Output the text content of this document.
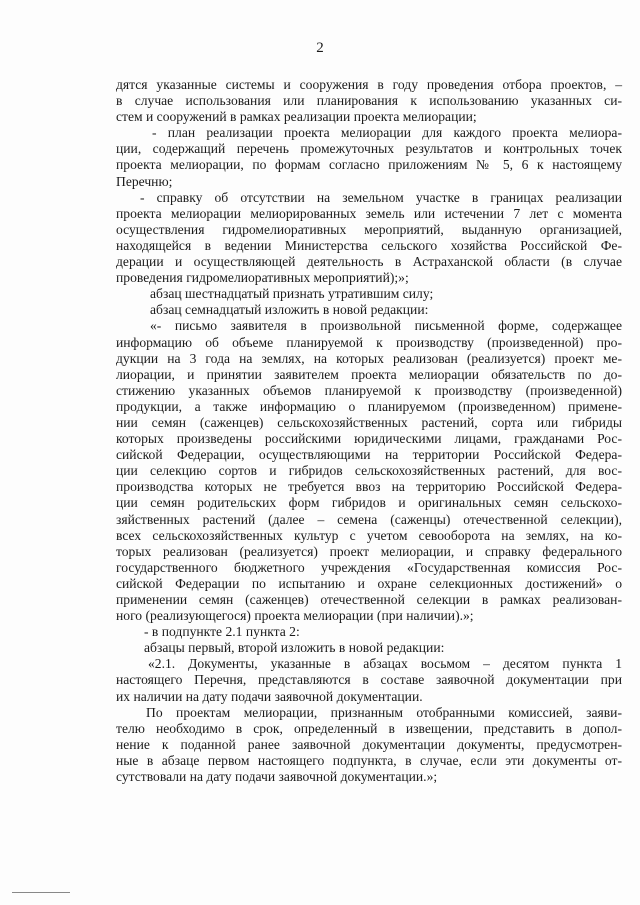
2
дятся указанные системы и сооружения в году проведения отбора проектов, –
в случае использования или планирования к использованию указанных си-
стем и сооружений в рамках реализации проекта мелиорации;
- план реализации проекта мелиорации для каждого проекта мелиора-
ции, содержащий перечень промежуточных результатов и контрольных точек
проекта мелиорации, по формам согласно приложениям № 5, 6 к настоящему
Перечню;
- справку об отсутствии на земельном участке в границах реализации
проекта мелиорации мелиорированных земель или истечении 7 лет с момента
осуществления гидромелиоративных мероприятий, выданную организацией,
находящейся в ведении Министерства сельского хозяйства Российской Фе-
дерации и осуществляющей деятельность в Астраханской области (в случае
проведения гидромелиоративных мероприятий);»;
абзац шестнадцатый признать утратившим силу;
абзац семнадцатый изложить в новой редакции:
«- письмо заявителя в произвольной письменной форме, содержащее
информацию об объеме планируемой к производству (произведенной) про-
дукции на 3 года на землях, на которых реализован (реализуется) проект ме-
лиорации, и принятии заявителем проекта мелиорации обязательств по до-
стижению указанных объемов планируемой к производству (произведенной)
продукции, а также информацию о планируемом (произведенном) примене-
нии семян (саженцев) сельскохозяйственных растений, сорта или гибриды
которых произведены российскими юридическими лицами, гражданами Рос-
сийской Федерации, осуществляющими на территории Российской Федера-
ции селекцию сортов и гибридов сельскохозяйственных растений, для вос-
производства которых не требуется ввоз на территорию Российской Федера-
ции семян родительских форм гибридов и оригинальных семян сельскохо-
зяйственных растений (далее – семена (саженцы) отечественной селекции),
всех сельскохозяйственных культур с учетом севооборота на землях, на ко-
торых реализован (реализуется) проект мелиорации, и справку федерального
государственного бюджетного учреждения «Государственная комиссия Рос-
сийской Федерации по испытанию и охране селекционных достижений» о
применении семян (саженцев) отечественной селекции в рамках реализован-
ного (реализующегося) проекта мелиорации (при наличии).»;
- в подпункте 2.1 пункта 2:
абзацы первый, второй изложить в новой редакции:
«2.1. Документы, указанные в абзацах восьмом – десятом пункта 1
настоящего Перечня, представляются в составе заявочной документации при
их наличии на дату подачи заявочной документации.
По проектам мелиорации, признанным отобранными комиссией, заяви-
телю необходимо в срок, определенный в извещении, представить в допол-
нение к поданной ранее заявочной документации документы, предусмотрен-
ные в абзаце первом настоящего подпункта, в случае, если эти документы от-
сутствовали на дату подачи заявочной документации.»;
